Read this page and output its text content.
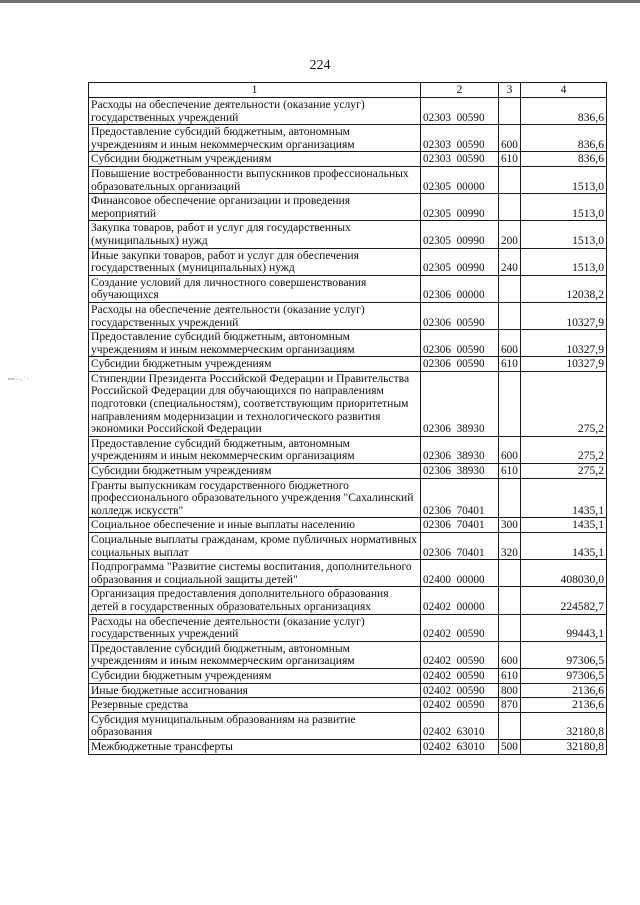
224
ꟷ·∙‧˙·
1	2	3	4
Расходы на обеспечение деятельности (оказание услуг) государственных учреждений	02303  00590		836,6
Предоставление субсидий бюджетным, автономным учреждениям и иным некоммерческим организациям	02303  00590	600	836,6
Субсидии бюджетным учреждениям	02303  00590	610	836,6
Повышение востребованности выпускников профессиональных образовательных организаций	02305  00000		1513,0
Финансовое обеспечение организации и проведения мероприятий	02305  00990		1513,0
Закупка товаров, работ и услуг для государственных (муниципальных) нужд	02305  00990	200	1513,0
Иные закупки товаров, работ и услуг для обеспечения государственных (муниципальных) нужд	02305  00990	240	1513,0
Создание условий для личностного совершенствования обучающихся	02306  00000		12038,2
Расходы на обеспечение деятельности (оказание услуг) государственных учреждений	02306  00590		10327,9
Предоставление субсидий бюджетным, автономным учреждениям и иным некоммерческим организациям	02306  00590	600	10327,9
Субсидии бюджетным учреждениям	02306  00590	610	10327,9
Стипендии Президента Российской Федерации и Правительства Российской Федерации для обучающихся по направлениям подготовки (специальностям), соответствующим приоритетным направлениям модернизации и технологического развития экономики Российской Федерации	02306  38930		275,2
Предоставление субсидий бюджетным, автономным учреждениям и иным некоммерческим организациям	02306  38930	600	275,2
Субсидии бюджетным учреждениям	02306  38930	610	275,2
Гранты выпускникам государственного бюджетного профессионального образовательного учреждения "Сахалинский колледж искусств"	02306  70401		1435,1
Социальное обеспечение и иные выплаты населению	02306  70401	300	1435,1
Социальные выплаты гражданам, кроме публичных нормативных социальных выплат	02306  70401	320	1435,1
Подпрограмма "Развитие системы воспитания, дополнительного образования и социальной защиты детей"	02400  00000		408030,0
Организация предоставления дополнительного образования детей в государственных образовательных организациях	02402  00000		224582,7
Расходы на обеспечение деятельности (оказание услуг) государственных учреждений	02402  00590		99443,1
Предоставление субсидий бюджетным, автономным учреждениям и иным некоммерческим организациям	02402  00590	600	97306,5
Субсидии бюджетным учреждениям	02402  00590	610	97306,5
Иные бюджетные ассигнования	02402  00590	800	2136,6
Резервные средства	02402  00590	870	2136,6
Субсидия муниципальным образованиям на развитие образования	02402  63010		32180,8
Межбюджетные трансферты	02402  63010	500	32180,8
